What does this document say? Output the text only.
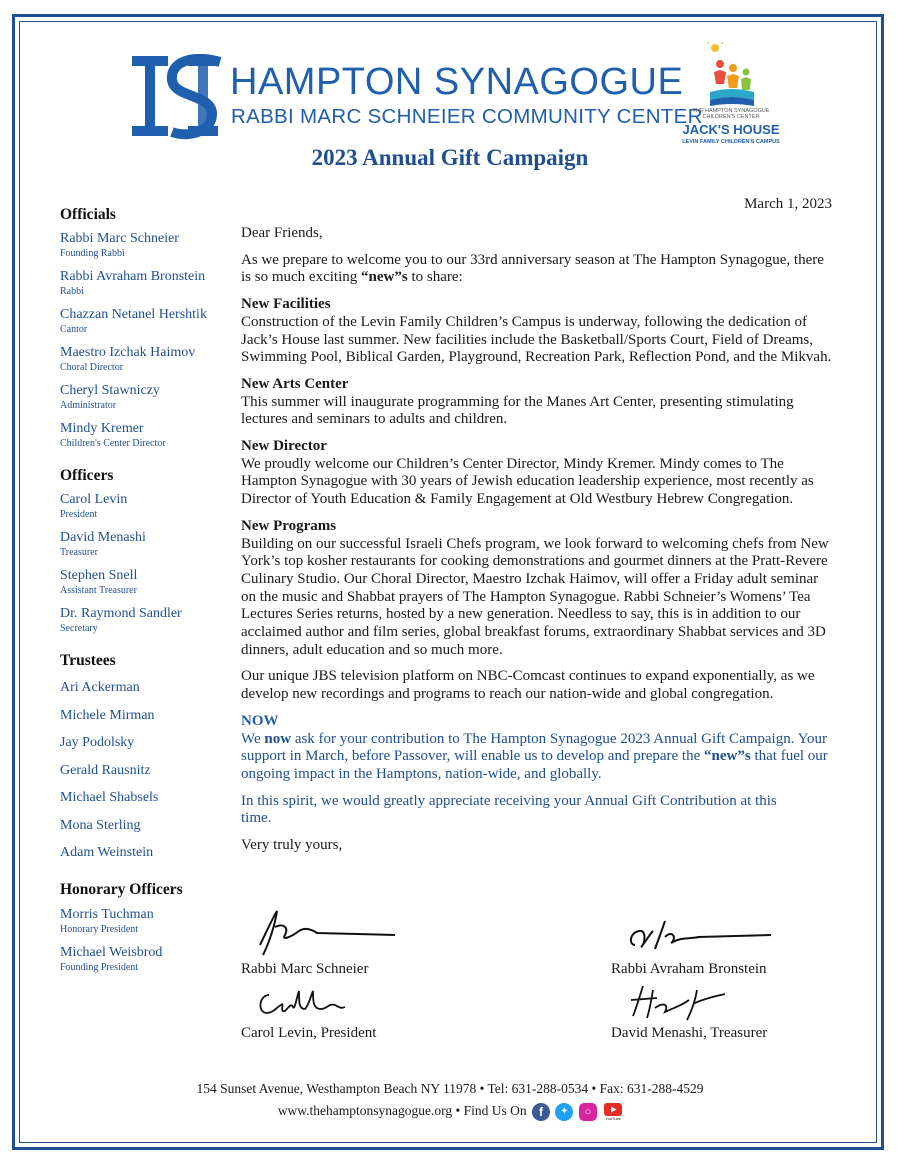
HAMPTON SYNAGOGUE
RABBI MARC SCHNEIER COMMUNITY CENTER
THE HAMPTON SYNAGOGUE CHILDREN'S CENTER
JACK'S HOUSE
LEVIN FAMILY CHILDREN'S CAMPUS
2023 Annual Gift Campaign
March 1, 2023
Officials
Rabbi Marc Schneier
Founding Rabbi
Rabbi Avraham Bronstein
Rabbi
Chazzan Netanel Hershtik
Cantor
Maestro Izchak Haimov
Choral Director
Cheryl Stawniczy
Administrator
Mindy Kremer
Children's Center Director
Officers
Carol Levin
President
David Menashi
Treasurer
Stephen Snell
Assistant Treasurer
Dr. Raymond Sandler
Secretary
Trustees
Ari Ackerman
Michele Mirman
Jay Podolsky
Gerald Rausnitz
Michael Shabsels
Mona Sterling
Adam Weinstein
Honorary Officers
Morris Tuchman
Honorary President
Michael Weisbrod
Founding President

Dear Friends,

As we prepare to welcome you to our 33rd anniversary season at The Hampton Synagogue, there is so much exciting “new”s to share:

New Facilities

Construction of the Levin Family Children’s Campus is underway, following the dedication of Jack’s House last summer. New facilities include the Basketball/Sports Court, Field of Dreams, Swimming Pool, Biblical Garden, Playground, Recreation Park, Reflection Pond, and the Mikvah.

New Arts Center

This summer will inaugurate programming for the Manes Art Center, presenting stimulating lectures and seminars to adults and children.

New Director

We proudly welcome our Children’s Center Director, Mindy Kremer. Mindy comes to The Hampton Synagogue with 30 years of Jewish education leadership experience, most recently as Director of Youth Education & Family Engagement at Old Westbury Hebrew Congregation.

New Programs

Building on our successful Israeli Chefs program, we look forward to welcoming chefs from New York’s top kosher restaurants for cooking demonstrations and gourmet dinners at the Pratt-Revere Culinary Studio. Our Choral Director, Maestro Izchak Haimov, will offer a Friday adult seminar on the music and Shabbat prayers of The Hampton Synagogue. Rabbi Schneier’s Womens’ Tea Lectures Series returns, hosted by a new generation. Needless to say, this is in addition to our acclaimed author and film series, global breakfast forums, extraordinary Shabbat services and 3D dinners, adult education and so much more.

Our unique JBS television platform on NBC-Comcast continues to expand exponentially, as we develop new recordings and programs to reach our nation-wide and global congregation.

NOW

We now ask for your contribution to The Hampton Synagogue 2023 Annual Gift Campaign. Your support in March, before Passover, will enable us to develop and prepare the “new”s that fuel our ongoing impact in the Hamptons, nation-wide, and globally.

In this spirit, we would greatly appreciate receiving your Annual Gift Contribution at this time.

Very truly yours,

Rabbi Marc Schneier	Rabbi Avraham Bronstein
Carol Levin, President	David Menashi, Treasurer
154 Sunset Avenue, Westhampton Beach NY 11978 • Tel: 631-288-0534 • Fax: 631-288-4529
www.thehamptonsynagogue.org • Find Us On f ✦ ○
YouTube
